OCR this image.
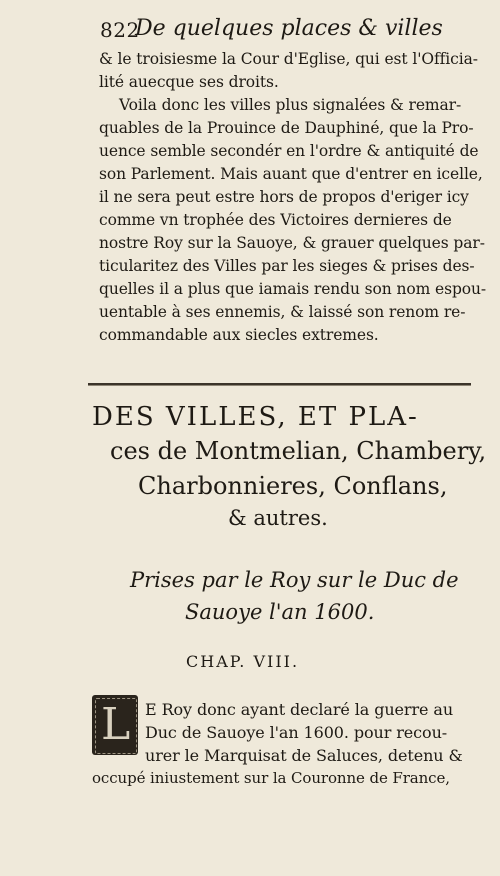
822
De quelques places & villes
& le troisiesme la Cour d'Eglise, qui est l'Officia-
lité auecque ses droits.
Voila donc les villes plus signalées & remar-
quables de la Prouince de Dauphiné, que la Pro-
uence semble secondér en l'ordre & antiquité de
son Parlement. Mais auant que d'entrer en icelle,
il ne sera peut estre hors de propos d'eriger icy
comme vn trophée des Victoires dernieres de
nostre Roy sur la Sauoye, & grauer quelques par-
ticularitez des Villes par les sieges & prises des-
quelles il a plus que iamais rendu son nom espou-
uentable à ses ennemis, & laissé son renom re-
commandable aux siecles extremes.
DES VILLES, ET PLA-
ces de Montmelian, Chambery,
Charbonnieres, Conflans,
& autres.
Prises par le Roy sur le Duc de
Sauoye l'an 1600.
CHAP. VIII.
L E Roy donc ayant declaré la guerre au
Duc de Sauoye l'an 1600. pour recou-
urer le Marquisat de Saluces, detenu &
occupé iniustement sur la Couronne de France,
